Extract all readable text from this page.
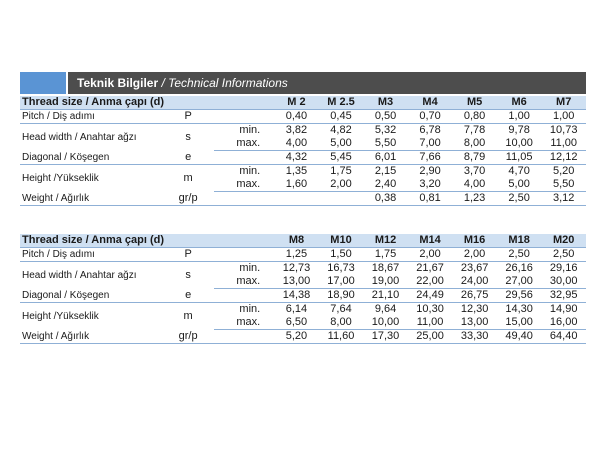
Teknik Bilgiler / Technical Informations
Thread size / Anma çapı (d)			M 2	M 2.5	M3	M4	M5	M6	M7
Pitch / Diş adımı	P		0,40	0,45	0,50	0,70	0,80	1,00	1,00
Head width / Anahtar ağzı	s	min.	3,82	4,82	5,32	6,78	7,78	9,78	10,73
		max.	4,00	5,00	5,50	7,00	8,00	10,00	11,00
Diagonal / Köşegen	e		4,32	5,45	6,01	7,66	8,79	11,05	12,12
Height /Yükseklik	m	min.	1,35	1,75	2,15	2,90	3,70	4,70	5,20
		max.	1,60	2,00	2,40	3,20	4,00	5,00	5,50
Weight / Ağırlık	gr/p				0,38	0,81	1,23	2,50	3,12
Thread size / Anma çapı (d)			M8	M10	M12	M14	M16	M18	M20
Pitch / Diş adımı	P		1,25	1,50	1,75	2,00	2,00	2,50	2,50
Head width / Anahtar ağzı	s	min.	12,73	16,73	18,67	21,67	23,67	26,16	29,16
		max.	13,00	17,00	19,00	22,00	24,00	27,00	30,00
Diagonal / Köşegen	e		14,38	18,90	21,10	24,49	26,75	29,56	32,95
Height /Yükseklik	m	min.	6,14	7,64	9,64	10,30	12,30	14,30	14,90
		max.	6,50	8,00	10,00	11,00	13,00	15,00	16,00
Weight / Ağırlık	gr/p		5,20	11,60	17,30	25,00	33,30	49,40	64,40
